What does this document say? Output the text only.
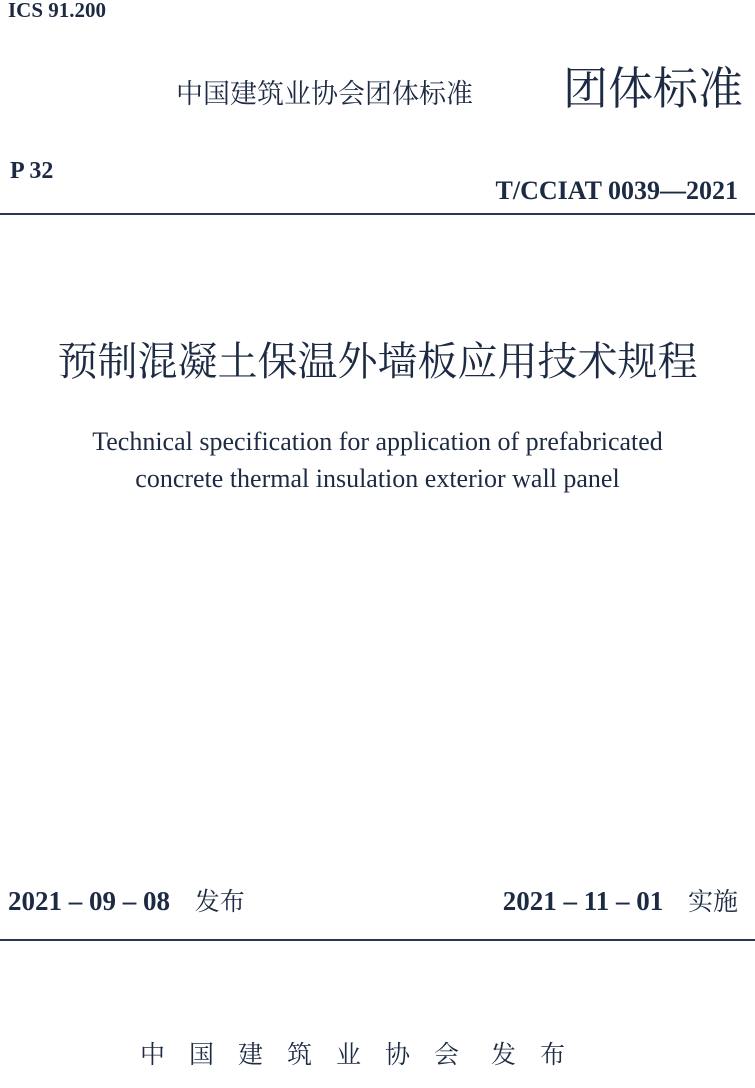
ICS 91.200
中国建筑业协会团体标准 团体标准
P 32
T/CCIAT 0039—2021
预制混凝土保温外墙板应用技术规程
Technical specification for application of prefabricated
concrete thermal insulation exterior wall panel
2021 – 09 – 08 发布	2021 – 11 – 01 实施
中国建筑业协会 发布
